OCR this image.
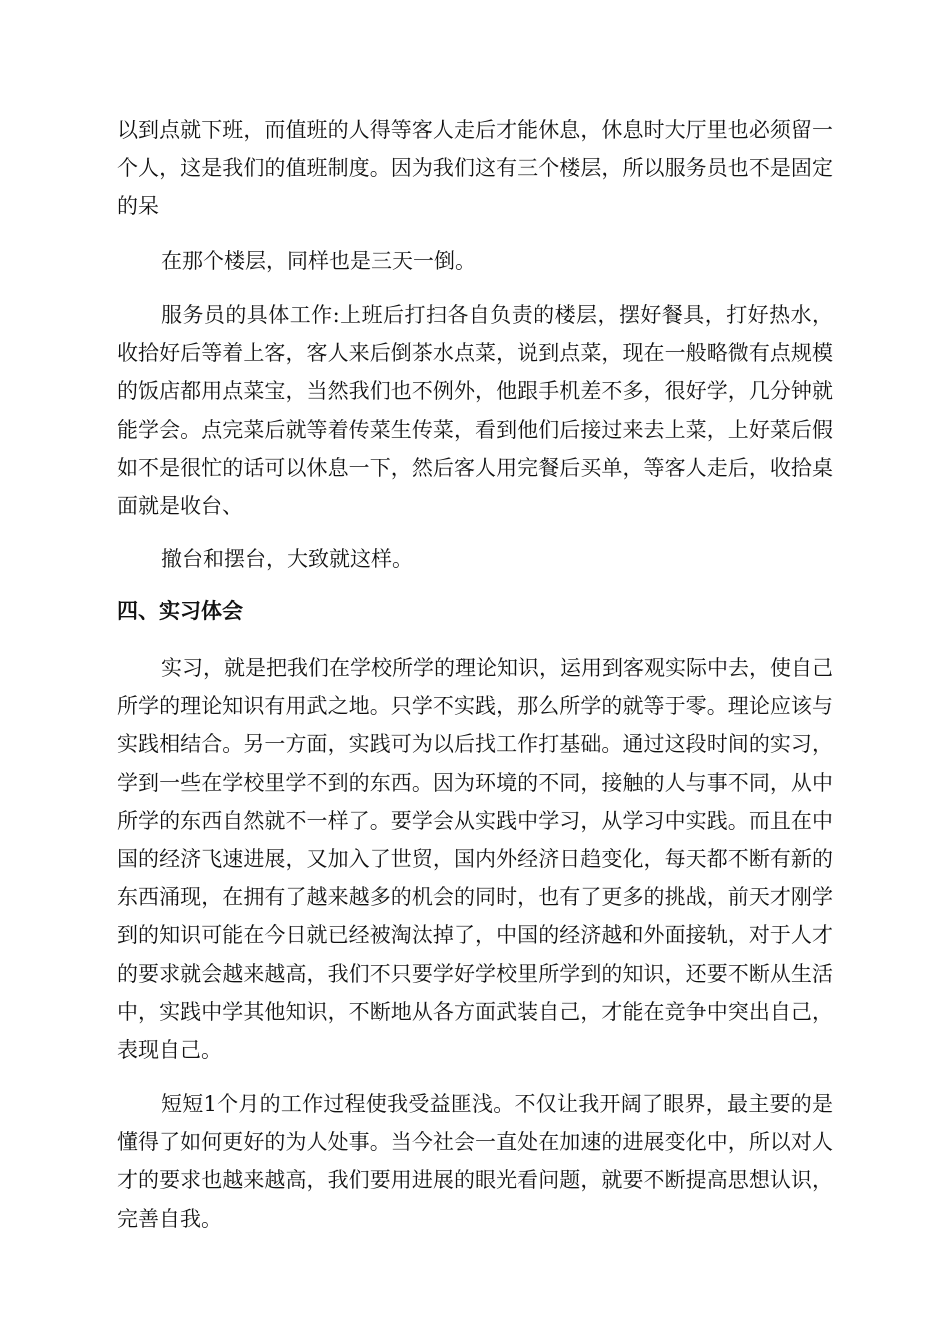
以到点就下班，而值班的人得等客人走后才能休息，休息时大厅里也必须留一个人，这是我们的值班制度。因为我们这有三个楼层，所以服务员也不是固定的呆

在那个楼层，同样也是三天一倒。

服务员的具体工作:上班后打扫各自负责的楼层，摆好餐具，打好热水，收拾好后等着上客，客人来后倒茶水点菜，说到点菜，现在一般略微有点规模的饭店都用点菜宝，当然我们也不例外，他跟手机差不多，很好学，几分钟就能学会。点完菜后就等着传菜生传菜，看到他们后接过来去上菜，上好菜后假如不是很忙的话可以休息一下，然后客人用完餐后买单，等客人走后，收拾桌面就是收台、

撤台和摆台，大致就这样。

四、实习体会

实习，就是把我们在学校所学的理论知识，运用到客观实际中去，使自己所学的理论知识有用武之地。只学不实践，那么所学的就等于零。理论应该与实践相结合。另一方面，实践可为以后找工作打基础。通过这段时间的实习，学到一些在学校里学不到的东西。因为环境的不同，接触的人与事不同，从中所学的东西自然就不一样了。要学会从实践中学习，从学习中实践。而且在中国的经济飞速进展，又加入了世贸，国内外经济日趋变化，每天都不断有新的东西涌现，在拥有了越来越多的机会的同时，也有了更多的挑战，前天才刚学到的知识可能在今日就已经被淘汰掉了，中国的经济越和外面接轨，对于人才的要求就会越来越高，我们不只要学好学校里所学到的知识，还要不断从生活中，实践中学其他知识，不断地从各方面武装自己，才能在竞争中突出自己，表现自己。

短短1个月的工作过程使我受益匪浅。不仅让我开阔了眼界，最主要的是懂得了如何更好的为人处事。当今社会一直处在加速的进展变化中，所以对人才的要求也越来越高，我们要用进展的眼光看问题，就要不断提高思想认识，完善自我。
